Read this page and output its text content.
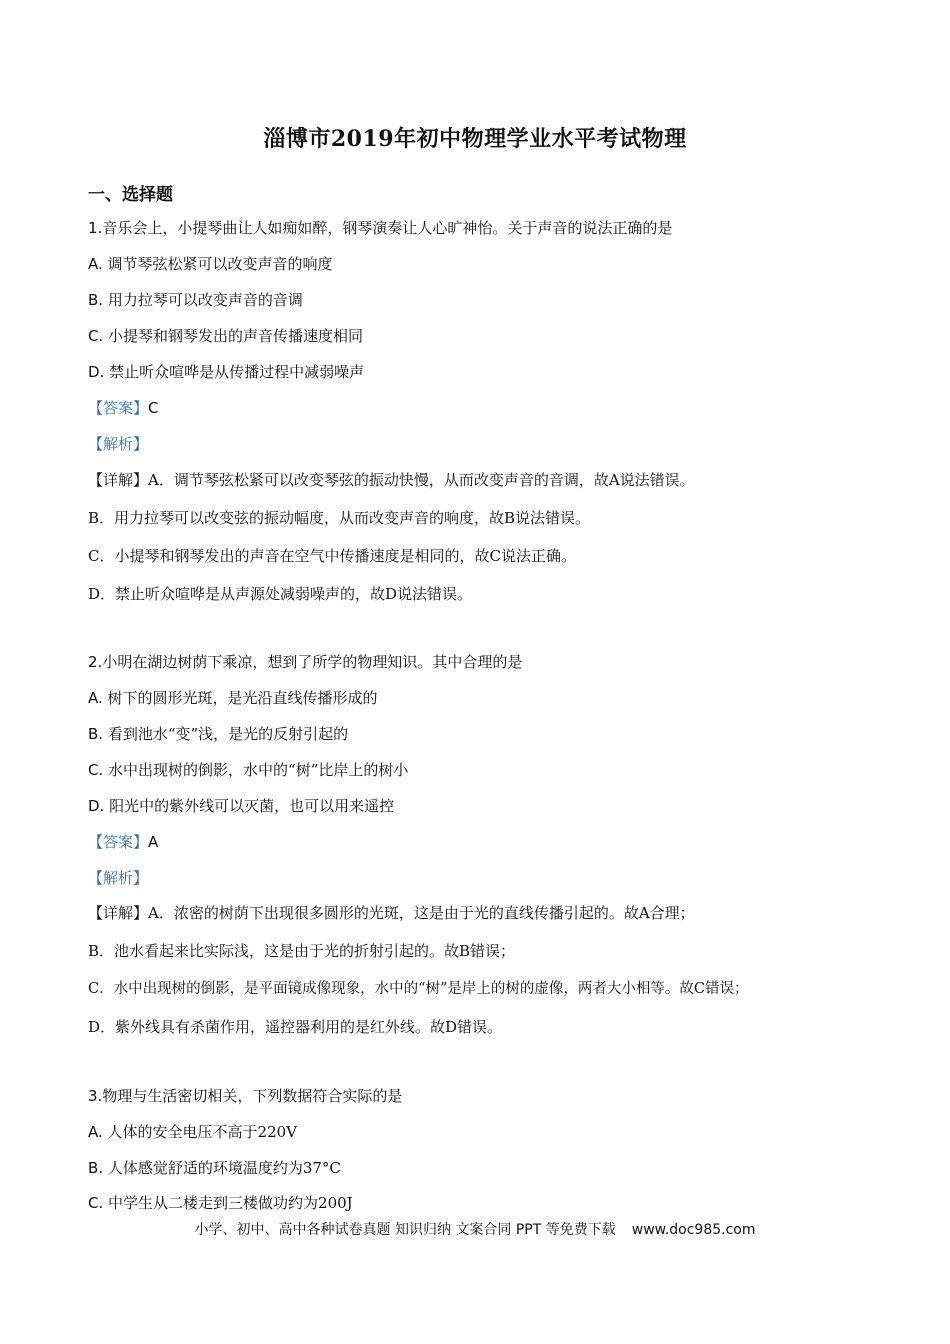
淄博市2019年初中物理学业水平考试物理
一、选择题
1.音乐会上，小提琴曲让人如痴如醉，钢琴演奏让人心旷神怡。关于声音的说法正确的是
A. 调节琴弦松紧可以改变声音的响度
B. 用力拉琴可以改变声音的音调
C. 小提琴和钢琴发出的声音传播速度相同
D. 禁止听众喧哗是从传播过程中减弱噪声
【答案】C
【解析】
【详解】A．调节琴弦松紧可以改变琴弦的振动快慢，从而改变声音的音调，故A说法错误。
B．用力拉琴可以改变弦的振动幅度，从而改变声音的响度，故B说法错误。
C．小提琴和钢琴发出的声音在空气中传播速度是相同的，故C说法正确。
D．禁止听众喧哗是从声源处减弱噪声的，故D说法错误。
2.小明在湖边树荫下乘凉，想到了所学的物理知识。其中合理的是
A. 树下的圆形光斑，是光沿直线传播形成的
B. 看到池水“变”浅，是光的反射引起的
C. 水中出现树的倒影，水中的“树”比岸上的树小
D. 阳光中的紫外线可以灭菌，也可以用来遥控
【答案】A
【解析】
【详解】A．浓密的树荫下出现很多圆形的光斑，这是由于光的直线传播引起的。故A合理；
B．池水看起来比实际浅，这是由于光的折射引起的。故B错误；
C．水中出现树的倒影，是平面镜成像现象，水中的“树”是岸上的树的虚像，两者大小相等。故C错误；
D．紫外线具有杀菌作用，遥控器利用的是红外线。故D错误。
3.物理与生活密切相关，下列数据符合实际的是
A. 人体的安全电压不高于220V
B. 人体感觉舒适的环境温度约为37°C
C. 中学生从二楼走到三楼做功约为200J
小学、初中、高中各种试卷真题 知识归纳 文案合同 PPT 等免费下载 www.doc985.com
